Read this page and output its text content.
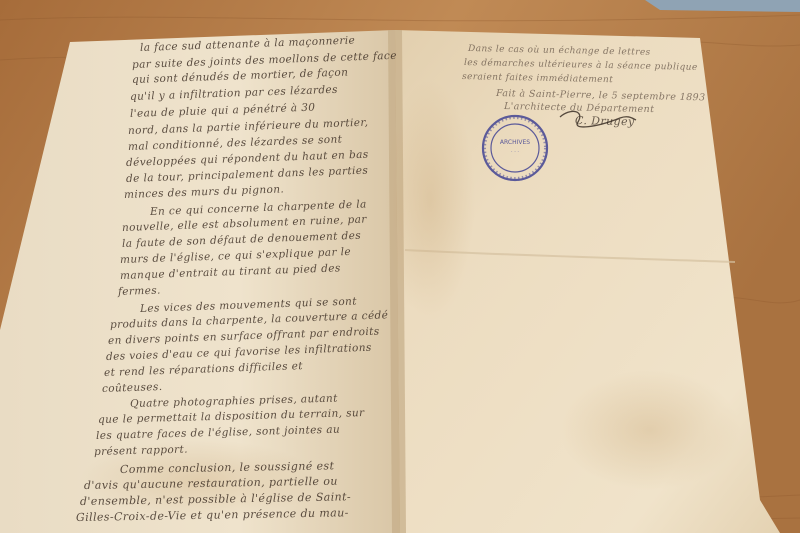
ARCHIVES
· · ·
la face sud attenante à la maçonnerie
par suite des joints des moellons de cette face
qui sont dénudés de mortier, de façon
qu'il y a infiltration par ces lézardes
l'eau de pluie qui a pénétré à 30
nord, dans la partie inférieure du mortier,
mal conditionné, des lézardes se sont
développées qui répondent du haut en bas
de la tour, principalement dans les parties
minces des murs du pignon.
En ce qui concerne la charpente de la
nouvelle, elle est absolument en ruine, par
la faute de son défaut de denouement des
murs de l'église, ce qui s'explique par le
manque d'entrait au tirant au pied des
fermes.
Les vices des mouvements qui se sont
produits dans la charpente, la couverture a cédé
en divers points en surface offrant par endroits
des voies d'eau ce qui favorise les infiltrations
et rend les réparations difficiles et
coûteuses.
Quatre photographies prises, autant
que le permettait la disposition du terrain, sur
les quatre faces de l'église, sont jointes au
présent rapport.
Comme conclusion, le soussigné est
d'avis qu'aucune restauration, partielle ou
d'ensemble, n'est possible à l'église de Saint-
Gilles-Croix-de-Vie et qu'en présence du mau-
Dans le cas où un échange de lettres
les démarches ultérieures à la séance publique
seraient faites immédiatement
Fait à Saint-Pierre, le 5 septembre 1893
L'architecte du Département
C. Drugey
